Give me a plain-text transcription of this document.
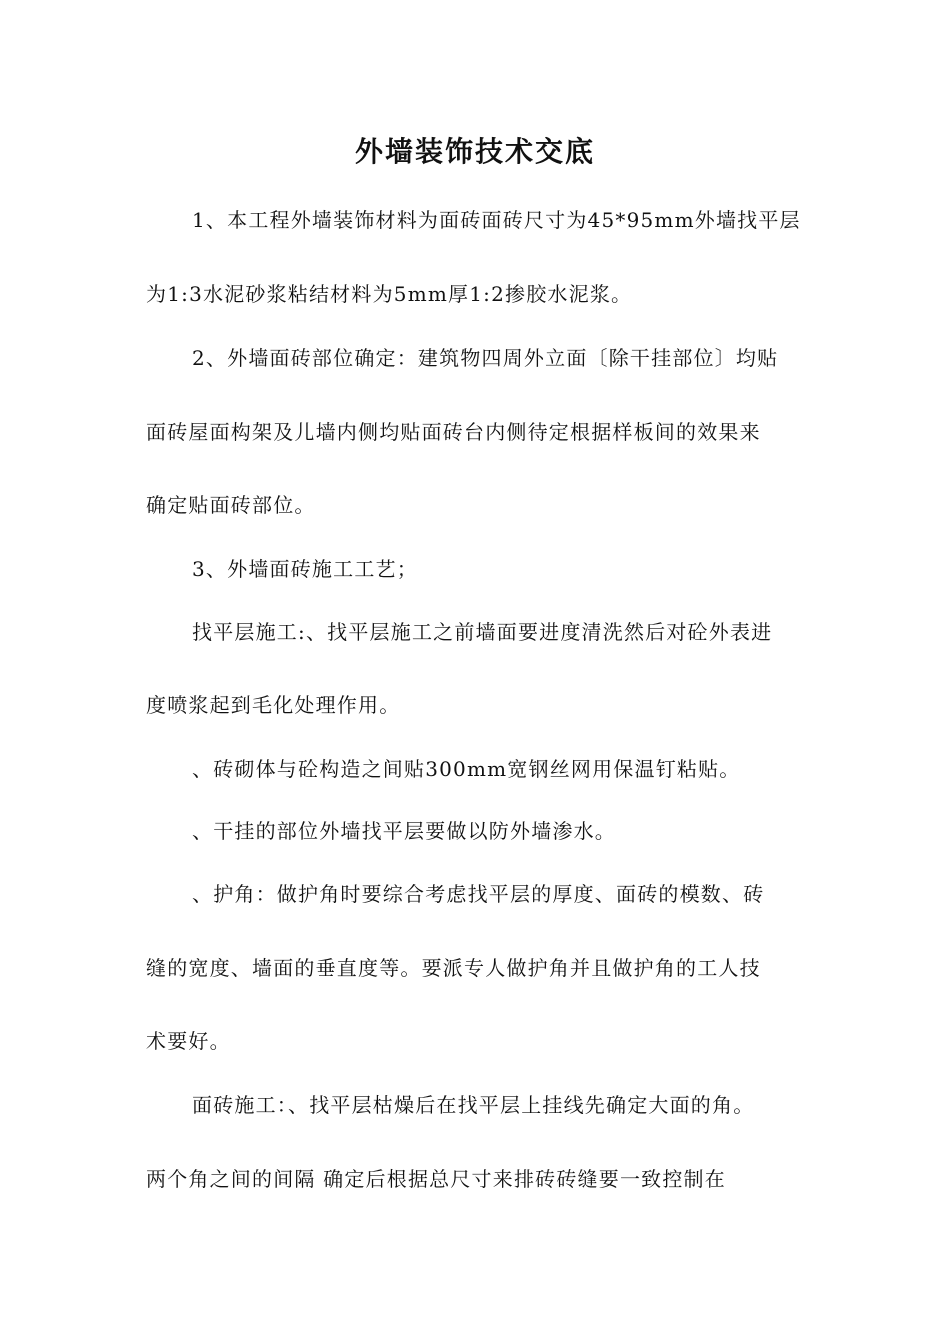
外墙装饰技术交底
1、本工程外墙装饰材料为面砖面砖尺寸为45*95mm外墙找平层
为1:3水泥砂浆粘结材料为5mm厚1:2掺胶水泥浆。
2、外墙面砖部位确定：建筑物四周外立面〔除干挂部位〕均贴
面砖屋面构架及儿墙内侧均贴面砖台内侧待定根据样板间的效果来
确定贴面砖部位。
3、外墙面砖施工工艺；
找平层施工:、找平层施工之前墙面要进度清洗然后对砼外表进
度喷浆起到毛化处理作用。
、砖砌体与砼构造之间贴300mm宽钢丝网用保温钉粘贴。
、干挂的部位外墙找平层要做以防外墙渗水。
、护角：做护角时要综合考虑找平层的厚度、面砖的模数、砖
缝的宽度、墙面的垂直度等。要派专人做护角并且做护角的工人技
术要好。
面砖施工：、找平层枯燥后在找平层上挂线先确定大面的角。
两个角之间的间隔 确定后根据总尺寸来排砖砖缝要一致控制在
